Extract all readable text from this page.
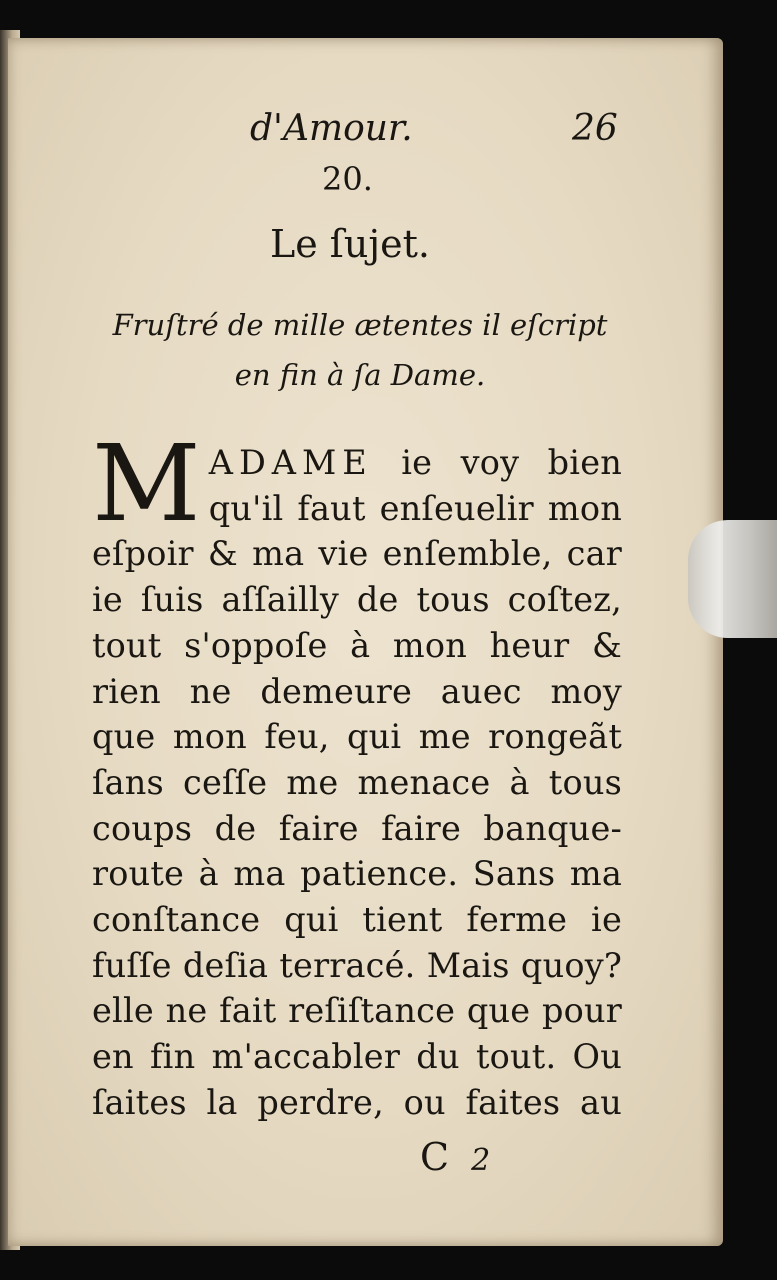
d'Amour.	26
20.
Le ſujet.
Fruſtré de mille ætentes il eſcript
en fin à ſa Dame.
M ADAME ie voy bien
qu'il faut enſeuelir mon
eſpoir & ma vie enſemble, car
ie ſuis aſſailly de tous coſtez,
tout s'oppoſe à mon heur &
rien ne demeure auec moy
que mon feu, qui me rongeãt
ſans ceſſe me menace à tous
coups de faire faire banque-
route à ma patience. Sans ma
conſtance qui tient ferme ie
fuſſe deſia terracé. Mais quoy?
elle ne fait reſiſtance que pour
en fin m'accabler du tout. Ou
ſaites la perdre, ou faites au
C 2
